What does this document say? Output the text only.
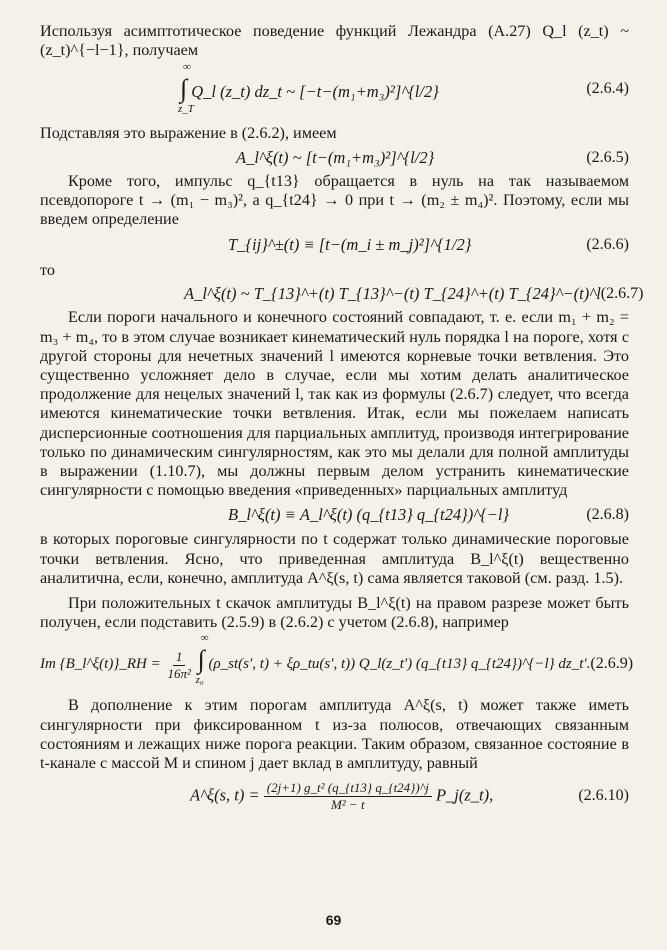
Используя асимптотическое поведение функций Лежандра (А.27) Q_l (z_t) ~ (z_t)^{−l−1}, получаем

∫
∞
z_T
Q_l (z_t) dz_t ~ [−t−(m₁+m₃)²]^{l/2}	(2.6.4)

Подставляя это выражение в (2.6.2), имеем

A_l^ξ(t) ~ [t−(m₁+m₃)²]^{l/2}	(2.6.5)

Кроме того, импульс q_{t13} обращается в нуль на так называемом псевдопороге t → (m₁ − m₃)², а q_{t24} → 0 при t → (m₂ ± m₄)². Поэтому, если мы введем определение

T_{ij}^±(t) ≡ [t−(m_i ± m_j)²]^{1/2}	(2.6.6)

то

A_l^ξ(t) ~ T_{13}^+(t) T_{13}^−(t) T_{24}^+(t) T_{24}^−(t)^l (2.6.7)

Если пороги начального и конечного состояний совпадают, т. е. если m₁ + m₂ = m₃ + m₄, то в этом случае возникает кинематический нуль порядка l на пороге, хотя с другой стороны для нечетных значений l имеются корневые точки ветвления. Это существенно усложняет дело в случае, если мы хотим делать аналитическое продолжение для нецелых значений l, так как из формулы (2.6.7) следует, что всегда имеются кинематические точки ветвления. Итак, если мы пожелаем написать дисперсионные соотношения для парциальных амплитуд, производя интегрирование только по динамическим сингулярностям, как это мы делали для полной амплитуды в выражении (1.10.7), мы должны первым делом устранить кинематические сингулярности с помощью введения «приведенных» парциальных амплитуд

B_l^ξ(t) ≡ A_l^ξ(t) (q_{t13} q_{t24})^{−l}	(2.6.8)

в которых пороговые сингулярности по t содержат только динамические пороговые точки ветвления. Ясно, что приведенная амплитуда B_l^ξ(t) вещественно аналитична, если, конечно, амплитуда A^ξ(s, t) сама является таковой (см. разд. 1.5).

При положительных t скачок амплитуды B_l^ξ(t) на правом разрезе может быть получен, если подставить (2.5.9) в (2.6.2) с учетом (2.6.8), например

Im {B_l^ξ(t)}_RH = $\frac{1}{\text{16π²}}$ ∫
∞
z₀
(ρ_st(s′, t) + ξρ_tu(s′, t)) Q_l(z_t′) (q_{t13} q_{t24})^{−l} dz_t′. (2.6.9)

В дополнение к этим порогам амплитуда A^ξ(s, t) может также иметь сингулярности при фиксированном t из-за полюсов, отвечающих связанным состояниям и лежащих ниже порога реакции. Таким образом, связанное состояние в t-канале с массой M и спином j дает вклад в амплитуду, равный

A^ξ(s, $t) = \frac{\text{(2j+1) g\_t² (q\_\{t13\} q\_\{t24\})\textasciicircum{}j}}{\text{M² − t}}$ P_j(z_t),	(2.6.10)
69
